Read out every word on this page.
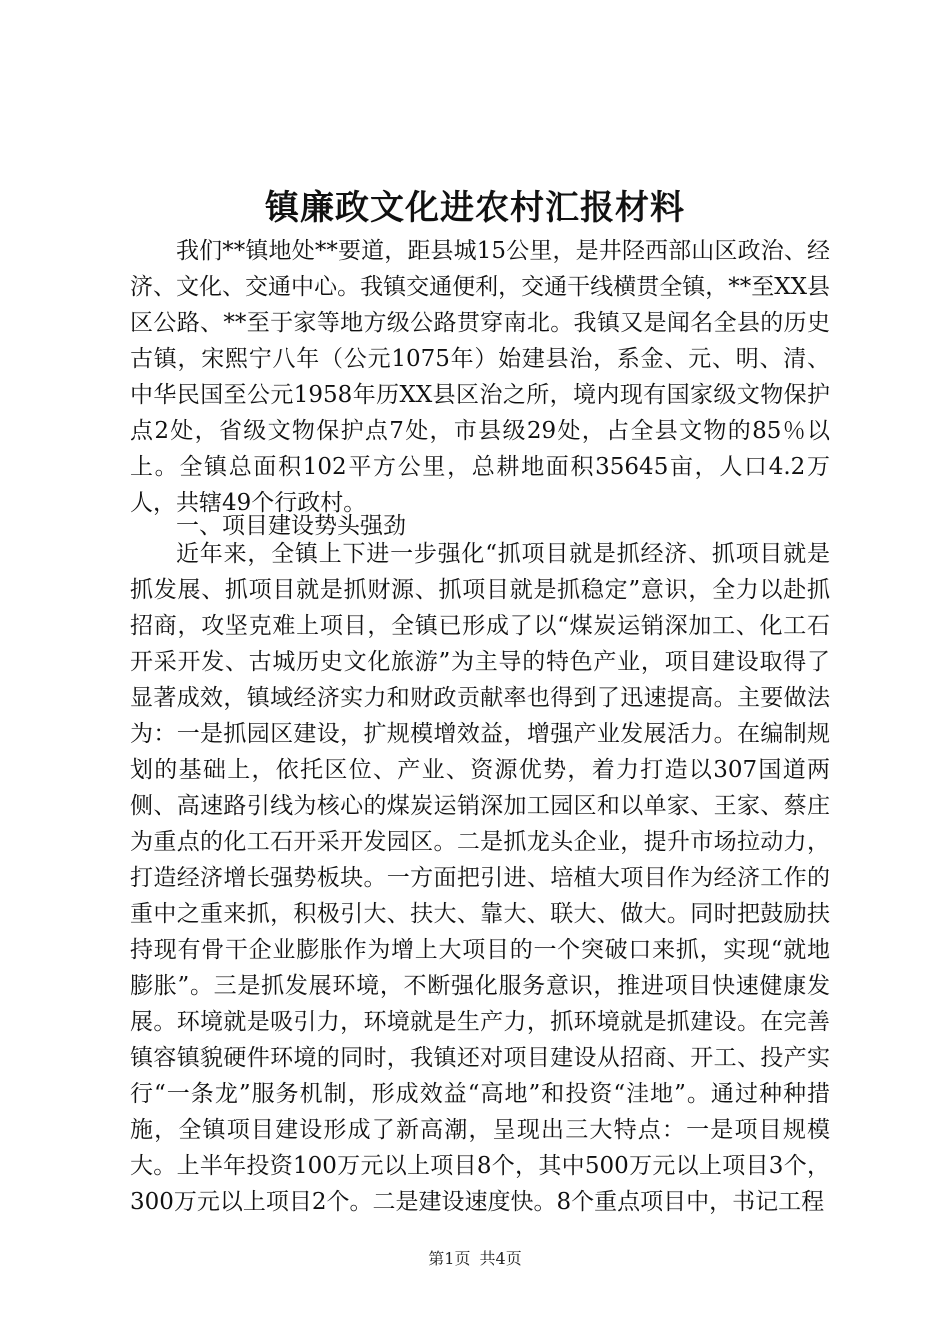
镇廉政文化进农村汇报材料

我们**镇地处**要道，距县城15公里，是井陉西部山区政治、经济、文化、交通中心。我镇交通便利，交通干线横贯全镇，**至XX县区公路、**至于家等地方级公路贯穿南北。我镇又是闻名全县的历史古镇，宋熙宁八年（公元1075年）始建县治，系金、元、明、清、中华民国至公元1958年历XX县区治之所，境内现有国家级文物保护点2处，省级文物保护点7处，市县级29处，占全县文物的85％以上。全镇总面积102平方公里，总耕地面积35645亩，人口4.2万人，共辖49个行政村。

一、项目建设势头强劲

近年来，全镇上下进一步强化“抓项目就是抓经济、抓项目就是抓发展、抓项目就是抓财源、抓项目就是抓稳定”意识，全力以赴抓招商，攻坚克难上项目，全镇已形成了以“煤炭运销深加工、化工石开采开发、古城历史文化旅游”为主导的特色产业，项目建设取得了显著成效，镇域经济实力和财政贡献率也得到了迅速提高。主要做法为：一是抓园区建设，扩规模增效益，增强产业发展活力。在编制规划的基础上，依托区位、产业、资源优势，着力打造以307国道两侧、高速路引线为核心的煤炭运销深加工园区和以单家、王家、蔡庄为重点的化工石开采开发园区。二是抓龙头企业，提升市场拉动力，打造经济增长强势板块。一方面把引进、培植大项目作为经济工作的重中之重来抓，积极引大、扶大、靠大、联大、做大。同时把鼓励扶持现有骨干企业膨胀作为增上大项目的一个突破口来抓，实现“就地膨胀”。三是抓发展环境，不断强化服务意识，推进项目快速健康发展。环境就是吸引力，环境就是生产力，抓环境就是抓建设。在完善镇容镇貌硬件环境的同时，我镇还对项目建设从招商、开工、投产实行“一条龙”服务机制，形成效益“高地”和投资“洼地”。通过种种措施，全镇项目建设形成了新高潮，呈现出三大特点：一是项目规模大。上半年投资100万元以上项目8个，其中500万元以上项目3个，300万元以上项目2个。二是建设速度快。8个重点项目中，书记工程

第1页 共4页
